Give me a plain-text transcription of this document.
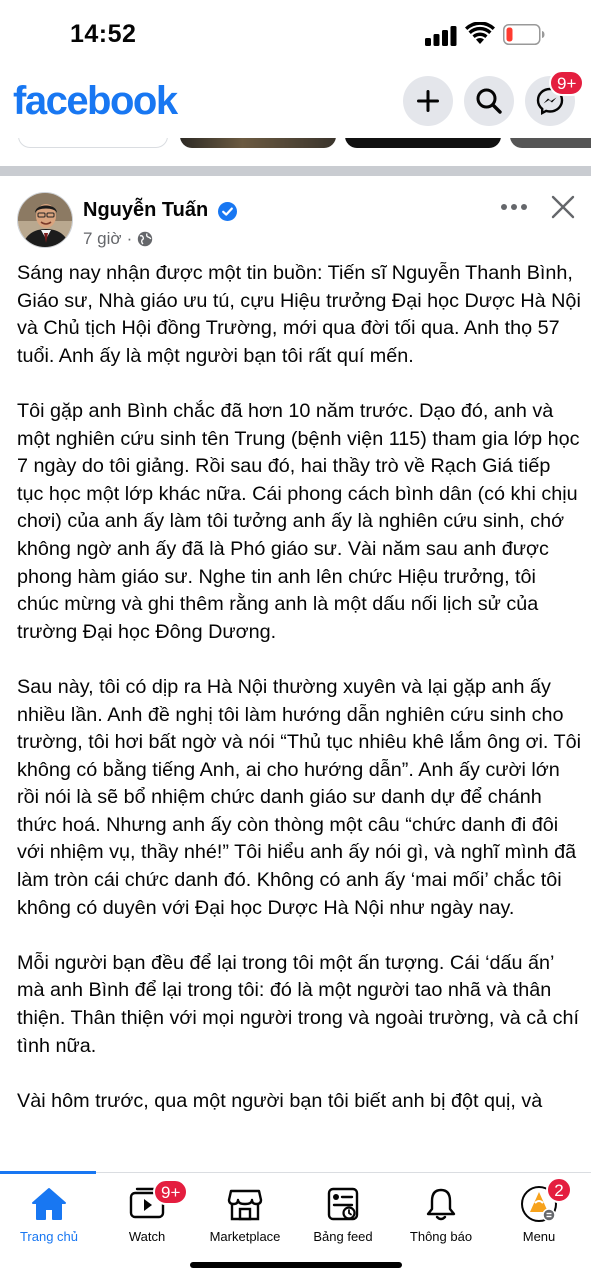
14:52
facebook	9+
Nguyễn Tuấn
7 giờ ·

Sáng nay nhận được một tin buồn: Tiến sĩ Nguyễn Thanh Bình, Giáo sư, Nhà giáo ưu tú, cựu Hiệu trưởng Đại học Dược Hà Nội và Chủ tịch Hội đồng Trường, mới qua đời tối qua. Anh thọ 57 tuổi. Anh ấy là một người bạn tôi rất quí mến.

Tôi gặp anh Bình chắc đã hơn 10 năm trước. Dạo đó, anh và một nghiên cứu sinh tên Trung (bệnh viện 115) tham gia lớp học 7 ngày do tôi giảng. Rồi sau đó, hai thầy trò về Rạch Giá tiếp tục học một lớp khác nữa. Cái phong cách bình dân (có khi chịu chơi) của anh ấy làm tôi tưởng anh ấy là nghiên cứu sinh, chớ không ngờ anh ấy đã là Phó giáo sư. Vài năm sau anh được phong hàm giáo sư. Nghe tin anh lên chức Hiệu trưởng, tôi chúc mừng và ghi thêm rằng anh là một dấu nối lịch sử của trường Đại học Đông Dương.

Sau này, tôi có dịp ra Hà Nội thường xuyên và lại gặp anh ấy nhiều lần. Anh đề nghị tôi làm hướng dẫn nghiên cứu sinh cho trường, tôi hơi bất ngờ và nói “Thủ tục nhiêu khê lắm ông ơi. Tôi không có bằng tiếng Anh, ai cho hướng dẫn”. Anh ấy cười lớn rồi nói là sẽ bổ nhiệm chức danh giáo sư danh dự để chánh thức hoá. Nhưng anh ấy còn thòng một câu “chức danh đi đôi với nhiệm vụ, thầy nhé!” Tôi hiểu anh ấy nói gì, và nghĩ mình đã làm tròn cái chức danh đó. Không có anh ấy ‘mai mối’ chắc tôi không có duyên với Đại học Dược Hà Nội như ngày nay.

Mỗi người bạn đều để lại trong tôi một ấn tượng. Cái ‘dấu ấn’ mà anh Bình để lại trong tôi: đó là một người tao nhã và thân thiện. Thân thiện với mọi người trong và ngoài trường, và cả chí tình nữa.

Vài hôm trước, qua một người bạn tôi biết anh bị đột quị, và

Trang chủ
9+
Watch	Marketplace	Bảng feed	Thông báo
2
Menu
